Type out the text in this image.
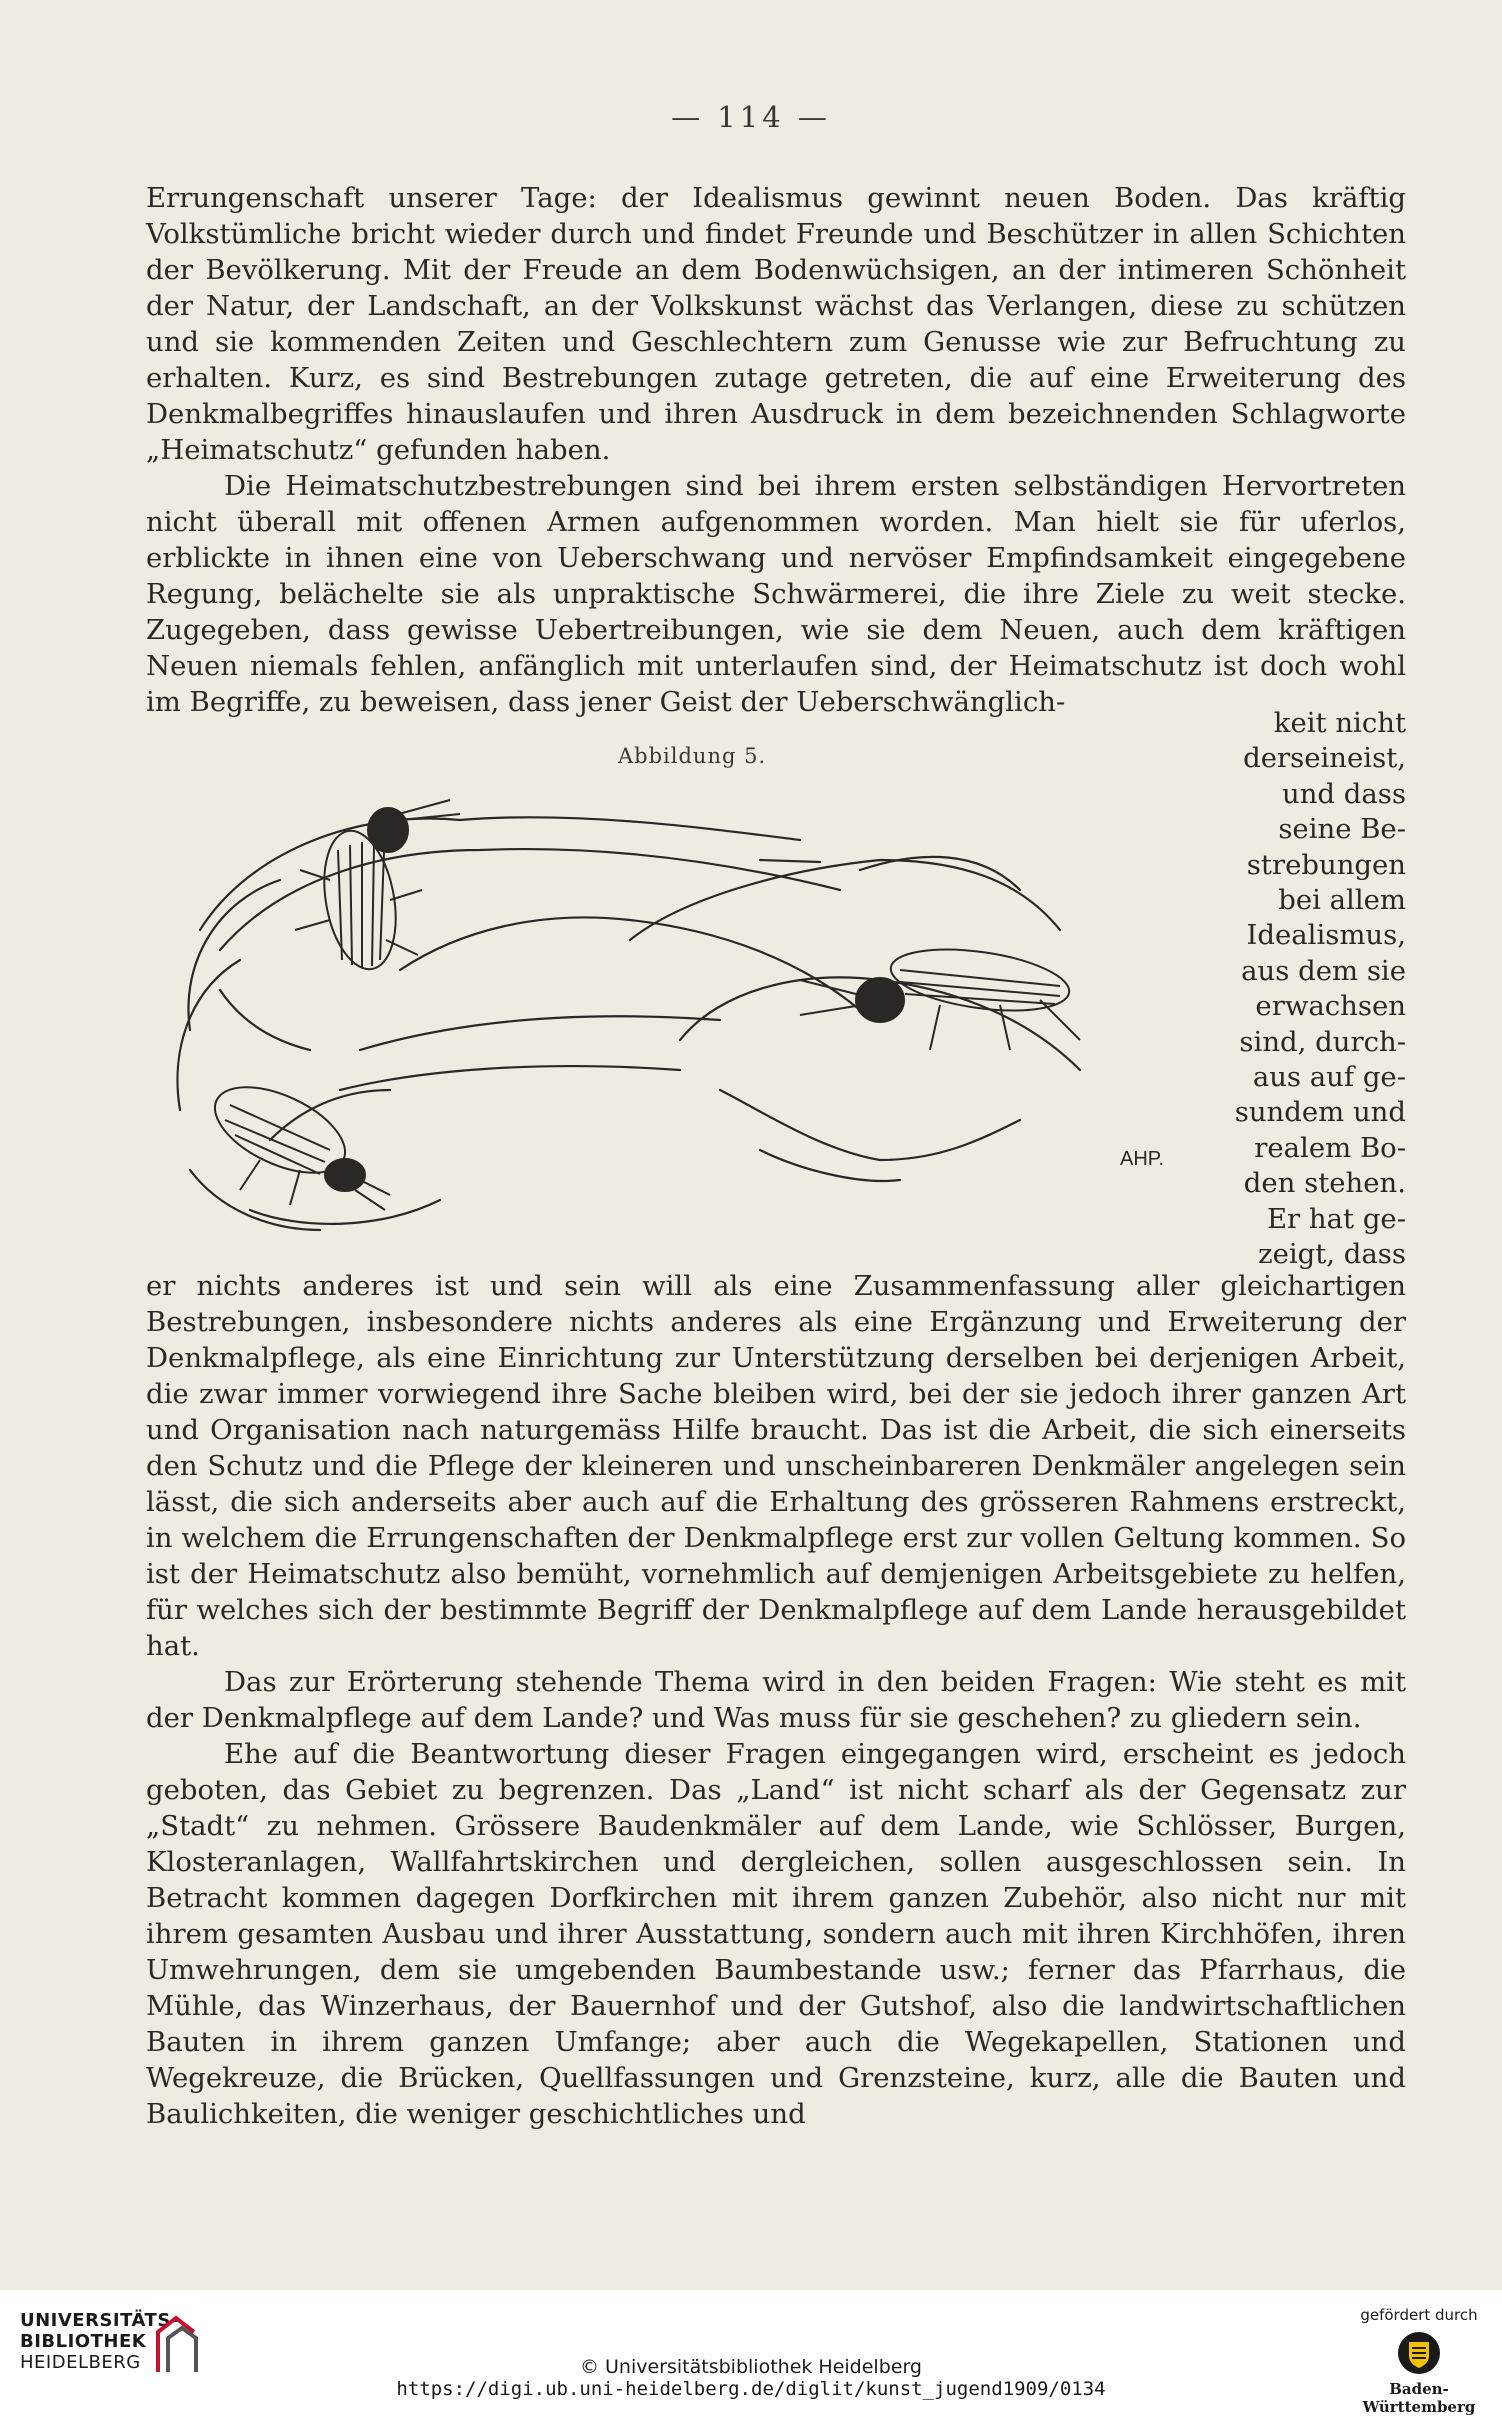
— 114 —

Errungenschaft unserer Tage: der Idealismus gewinnt neuen Boden. Das kräftig Volkstümliche bricht wieder durch und findet Freunde und Beschützer in allen Schichten der Bevölkerung. Mit der Freude an dem Bodenwüchsigen, an der intimeren Schönheit der Natur, der Landschaft, an der Volkskunst wächst das Verlangen, diese zu schützen und sie kommenden Zeiten und Geschlechtern zum Genusse wie zur Befruchtung zu erhalten. Kurz, es sind Bestrebungen zutage getreten, die auf eine Erweiterung des Denkmalbegriffes hinauslaufen und ihren Ausdruck in dem bezeichnenden Schlagworte „Heimatschutz“ gefunden haben.

Die Heimatschutzbestrebungen sind bei ihrem ersten selbständigen Hervortreten nicht überall mit offenen Armen aufgenommen worden. Man hielt sie für uferlos, erblickte in ihnen eine von Ueberschwang und nervöser Empfindsamkeit eingegebene Regung, belächelte sie als unpraktische Schwärmerei, die ihre Ziele zu weit stecke. Zugegeben, dass gewisse Uebertreibungen, wie sie dem Neuen, auch dem kräftigen Neuen niemals fehlen, anfänglich mit unterlaufen sind, der Heimatschutz ist doch wohl im Begriffe, zu beweisen, dass jener Geist der Ueberschwänglich-

Abbildung 5.
keit nicht
derseineist,
und dass
seine Be-
strebungen
bei allem
Idealismus,
aus dem sie
erwachsen
sind, durch-
aus auf ge-
sundem und
realem Bo-
den stehen.
Er hat ge-
zeigt, dass
AHP.

er nichts anderes ist und sein will als eine Zusammenfassung aller gleichartigen Bestrebungen, insbesondere nichts anderes als eine Ergänzung und Erweiterung der Denkmalpflege, als eine Einrichtung zur Unterstützung derselben bei derjenigen Arbeit, die zwar immer vorwiegend ihre Sache bleiben wird, bei der sie jedoch ihrer ganzen Art und Organisation nach naturgemäss Hilfe braucht. Das ist die Arbeit, die sich einerseits den Schutz und die Pflege der kleineren und unscheinbareren Denkmäler angelegen sein lässt, die sich anderseits aber auch auf die Erhaltung des grösseren Rahmens erstreckt, in welchem die Errungenschaften der Denkmalpflege erst zur vollen Geltung kommen. So ist der Heimatschutz also bemüht, vornehmlich auf demjenigen Arbeitsgebiete zu helfen, für welches sich der bestimmte Begriff der Denkmalpflege auf dem Lande herausgebildet hat.

Das zur Erörterung stehende Thema wird in den beiden Fragen: Wie steht es mit der Denkmalpflege auf dem Lande? und Was muss für sie geschehen? zu gliedern sein.

Ehe auf die Beantwortung dieser Fragen eingegangen wird, erscheint es jedoch geboten, das Gebiet zu begrenzen. Das „Land“ ist nicht scharf als der Gegensatz zur „Stadt“ zu nehmen. Grössere Baudenkmäler auf dem Lande, wie Schlösser, Burgen, Klosteranlagen, Wallfahrtskirchen und dergleichen, sollen ausgeschlossen sein. In Betracht kommen dagegen Dorfkirchen mit ihrem ganzen Zubehör, also nicht nur mit ihrem gesamten Ausbau und ihrer Ausstattung, sondern auch mit ihren Kirchhöfen, ihren Umwehrungen, dem sie umgebenden Baumbestande usw.; ferner das Pfarrhaus, die Mühle, das Winzerhaus, der Bauernhof und der Gutshof, also die landwirtschaftlichen Bauten in ihrem ganzen Umfange; aber auch die Wegekapellen, Stationen und Wegekreuze, die Brücken, Quellfassungen und Grenzsteine, kurz, alle die Bauten und Baulichkeiten, die weniger geschichtliches und

UNIVERSITÄTS-
BIBLIOTHEK
HEIDELBERG	© Universitätsbibliothek Heidelberg
https://digi.ub.uni-heidelberg.de/diglit/kunst_jugend1909/0134
gefördert durch
Baden-Württemberg
